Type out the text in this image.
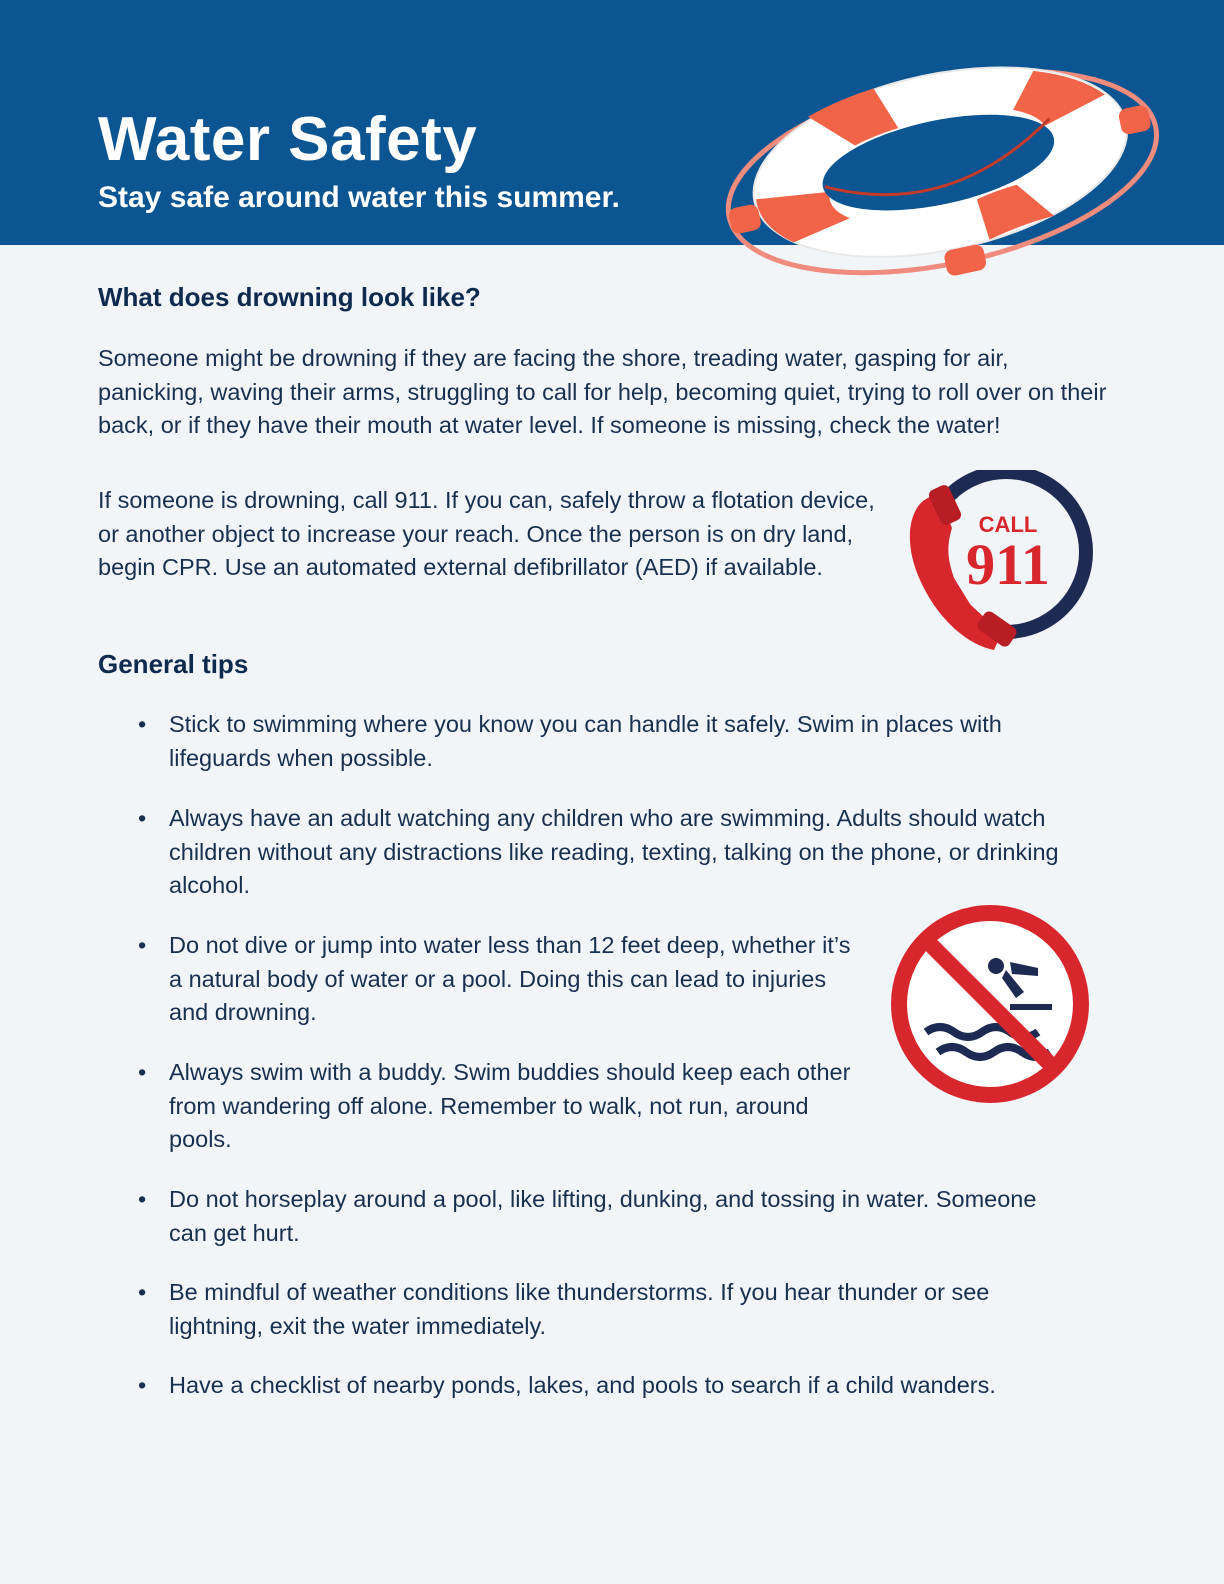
Water Safety

Stay safe around water this summer.

What does drowning look like?

Someone might be drowning if they are facing the shore, treading water, gasping for air, panicking, waving their arms, struggling to call for help, becoming quiet, trying to roll over on their back, or if they have their mouth at water level. If someone is missing, check the water!

If someone is drowning, call 911. If you can, safely throw a flotation device, or another object to increase your reach. Once the person is on dry land, begin CPR. Use an automated external defibrillator (AED) if available.

CALL
911

General tips

• Stick to swimming where you know you can handle it safely. Swim in places with lifeguards when possible.
• Always have an adult watching any children who are swimming. Adults should watch children without any distractions like reading, texting, talking on the phone, or drinking alcohol.
• Do not dive or jump into water less than 12 feet deep, whether it’s a natural body of water or a pool. Doing this can lead to injuries and drowning.
• Always swim with a buddy. Swim buddies should keep each other from wandering off alone. Remember to walk, not run, around pools.
• Do not horseplay around a pool, like lifting, dunking, and tossing in water. Someone can get hurt.
• Be mindful of weather conditions like thunderstorms. If you hear thunder or see lightning, exit the water immediately.
• Have a checklist of nearby ponds, lakes, and pools to search if a child wanders.
